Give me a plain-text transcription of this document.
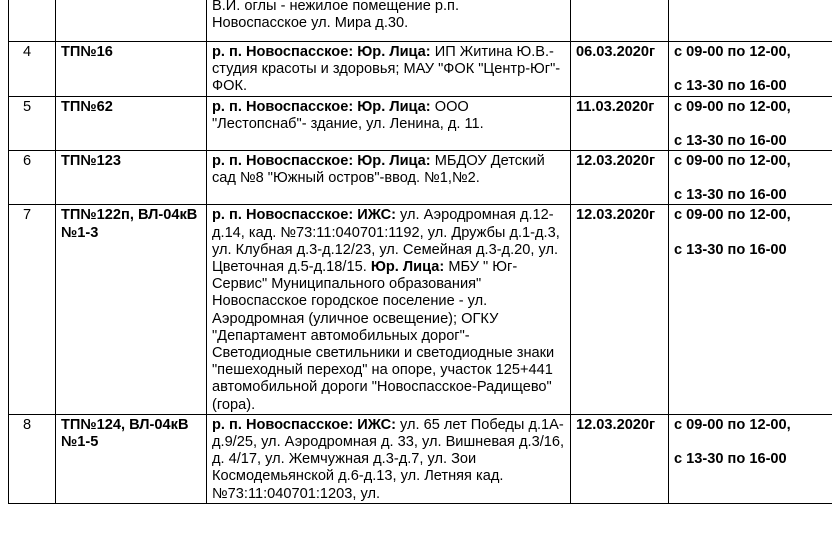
		В.И. оглы - нежилое помещение р.п.
Новоспасское ул. Мира д.30.		

4	ТП№16	р. п. Новоспасское: Юр. Лица: ИП Житина Ю.В.- студия красоты и здоровья; МАУ "ФОК "Центр-Юг"- ФОК.	06.03.2020г	с 09-00 по 12-00,
с 13-30 по 16-00

5	ТП№62	р. п. Новоспасское: Юр. Лица: ООО "Лестопснаб"- здание, ул. Ленина, д. 11.	11.03.2020г	с 09-00 по 12-00,
с 13-30 по 16-00

6	ТП№123	р. п. Новоспасское: Юр. Лица: МБДОУ Детский сад №8 "Южный остров"-ввод. №1,№2.	12.03.2020г	с 09-00 по 12-00,
с 13-30 по 16-00

7	ТП№122п, ВЛ-04кВ №1-3	р. п. Новоспасское: ИЖС: ул. Аэродромная д.12-д.14, кад. №73:11:040701:1192, ул. Дружбы д.1-д.3, ул. Клубная д.3-д.12/23, ул. Семейная д.3-д.20, ул. Цветочная д.5-д.18/15. Юр. Лица: МБУ " Юг-Сервис" Муниципального образования" Новоспасское городское поселение - ул. Аэродромная (уличное освещение); ОГКУ "Департамент автомобильных дорог"- Светодиодные светильники и светодиодные знаки "пешеходный переход" на опоре, участок 125+441 автомобильной дороги "Новоспасское-Радищево" (гора).	12.03.2020г	с 09-00 по 12-00,
с 13-30 по 16-00

8	ТП№124, ВЛ-04кВ №1-5	р. п. Новоспасское: ИЖС: ул. 65 лет Победы д.1А-д.9/25, ул. Аэродромная д. 33, ул. Вишневая д.3/16, д. 4/17, ул. Жемчужная д.3-д.7, ул. Зои Космодемьянской д.6-д.13, ул. Летняя кад. №73:11:040701:1203, ул.	12.03.2020г	с 09-00 по 12-00,
с 13-30 по 16-00
